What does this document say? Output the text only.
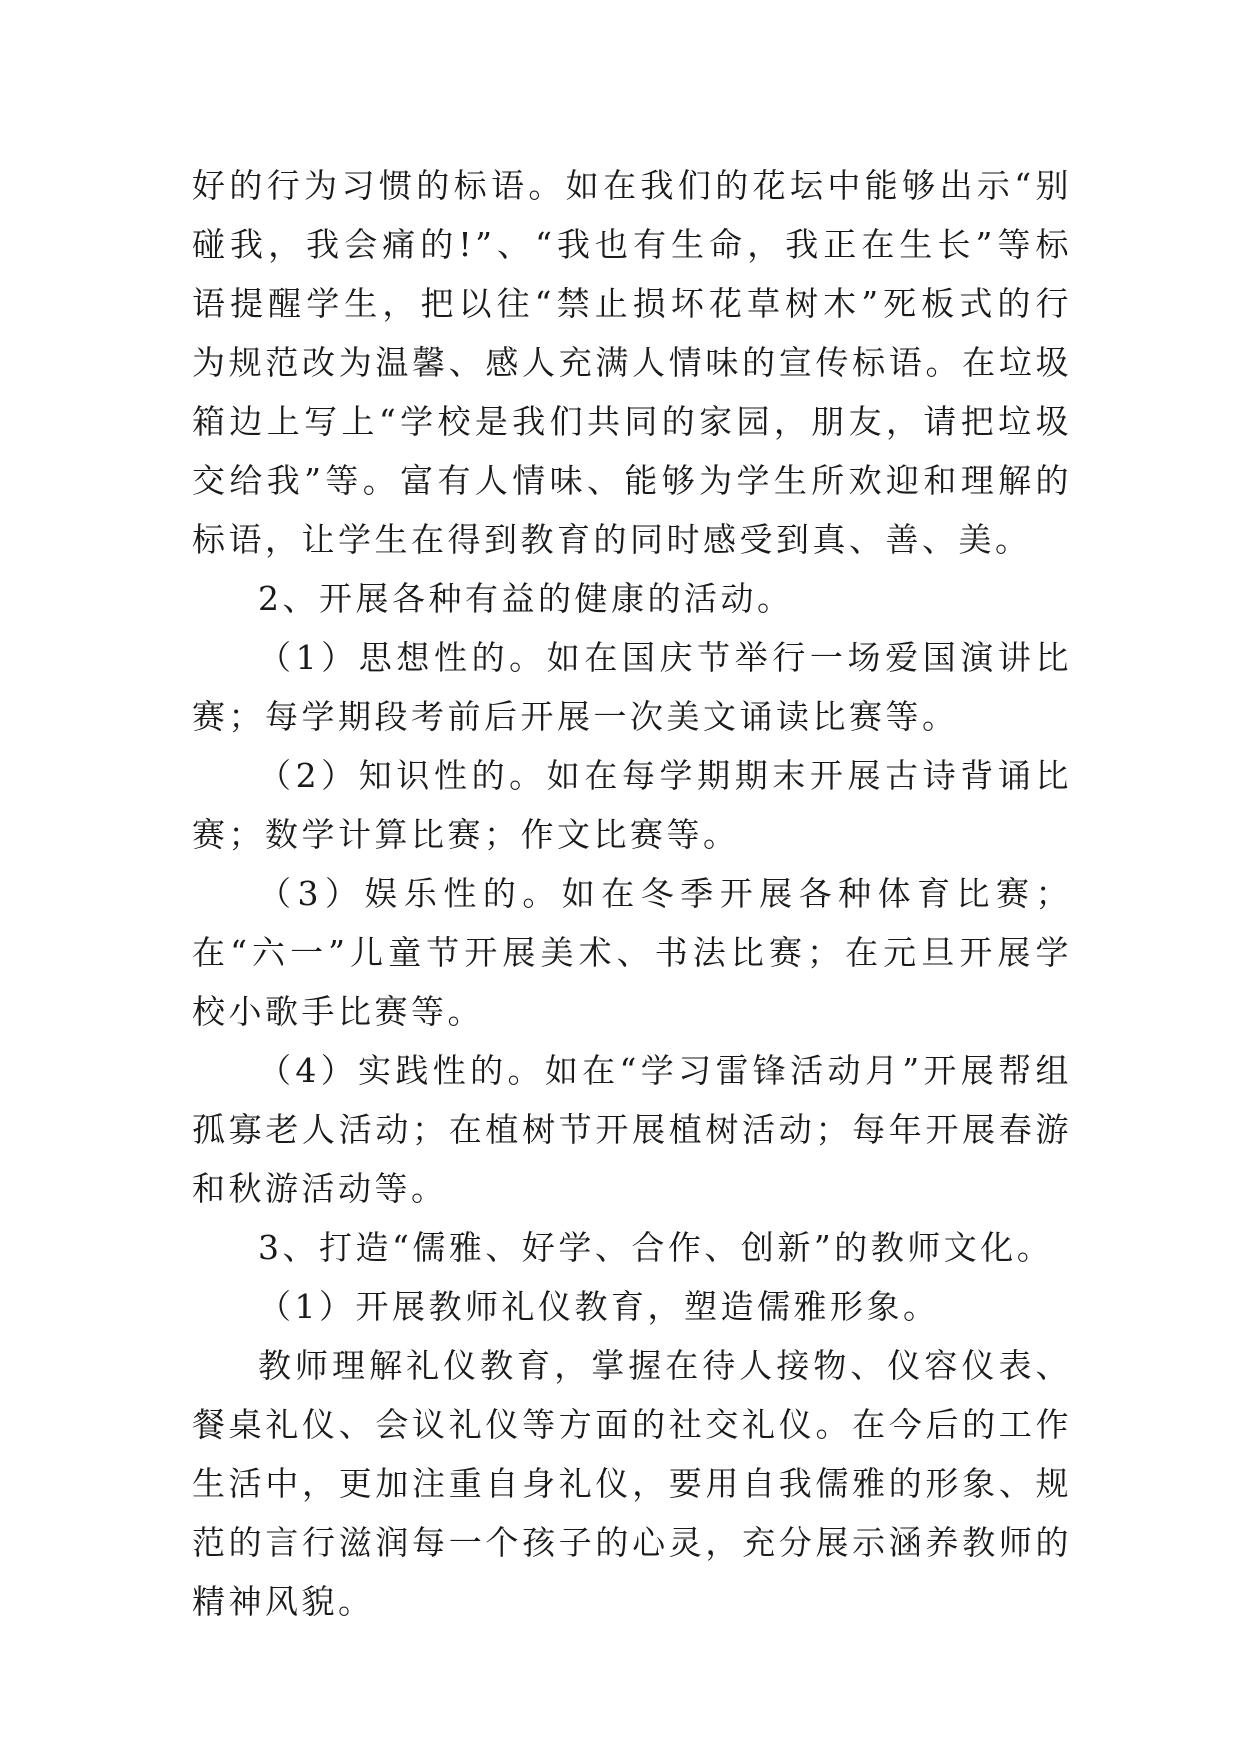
好的行为习惯的标语。如在我们的花坛中能够出示“别碰我，我会痛的!”、“我也有生命，我正在生长”等标语提醒学生，把以往“禁止损坏花草树木”死板式的行为规范改为温馨、感人充满人情味的宣传标语。在垃圾箱边上写上“学校是我们共同的家园，朋友，请把垃圾交给我”等。富有人情味、能够为学生所欢迎和理解的标语，让学生在得到教育的同时感受到真、善、美。

2、开展各种有益的健康的活动。

（1）思想性的。如在国庆节举行一场爱国演讲比赛；每学期段考前后开展一次美文诵读比赛等。

（2）知识性的。如在每学期期末开展古诗背诵比赛；数学计算比赛；作文比赛等。

（3）娱乐性的。如在冬季开展各种体育比赛；在“六一”儿童节开展美术、书法比赛；在元旦开展学校小歌手比赛等。

（4）实践性的。如在“学习雷锋活动月”开展帮组孤寡老人活动；在植树节开展植树活动；每年开展春游和秋游活动等。

3、打造“儒雅、好学、合作、创新”的教师文化。

（1）开展教师礼仪教育，塑造儒雅形象。

教师理解礼仪教育，掌握在待人接物、仪容仪表、餐桌礼仪、会议礼仪等方面的社交礼仪。在今后的工作生活中，更加注重自身礼仪，要用自我儒雅的形象、规范的言行滋润每一个孩子的心灵，充分展示涵养教师的精神风貌。
